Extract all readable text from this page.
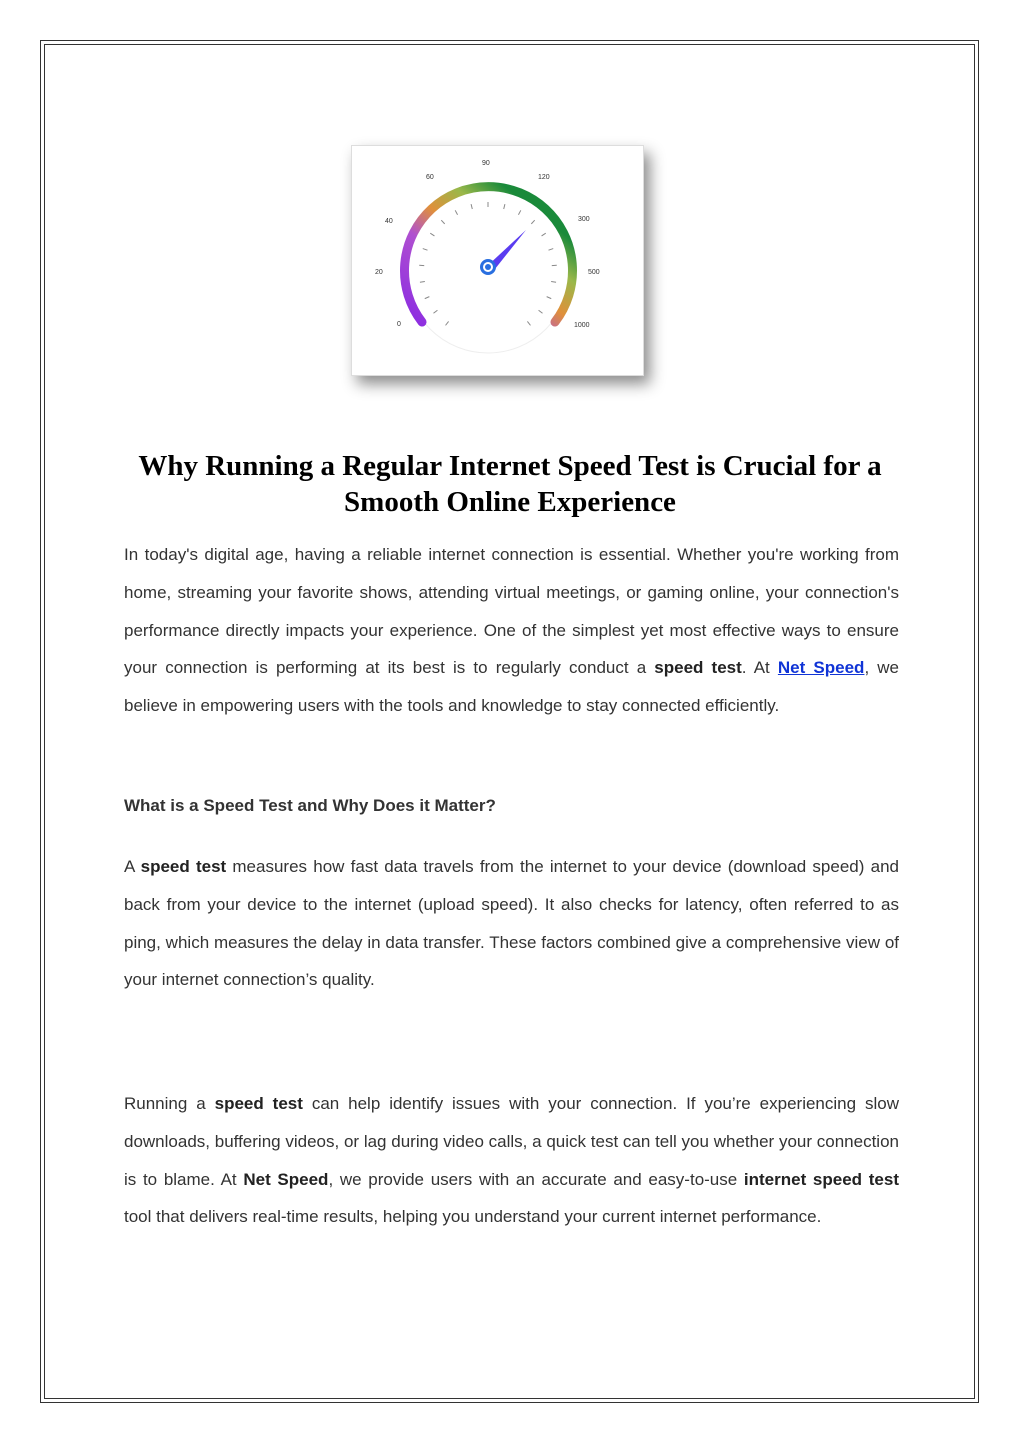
0
20
40
60
90
120
300
500
1000
Why Running a Regular Internet Speed Test is Crucial for a Smooth Online Experience

In today's digital age, having a reliable internet connection is essential. Whether you're working from home, streaming your favorite shows, attending virtual meetings, or gaming online, your connection's performance directly impacts your experience. One of the simplest yet most effective ways to ensure your connection is performing at its best is to regularly conduct a speed test. At Net Speed, we believe in empowering users with the tools and knowledge to stay connected efficiently.

What is a Speed Test and Why Does it Matter?

A speed test measures how fast data travels from the internet to your device (download speed) and back from your device to the internet (upload speed). It also checks for latency, often referred to as ping, which measures the delay in data transfer. These factors combined give a comprehensive view of your internet connection’s quality.

Running a speed test can help identify issues with your connection. If you’re experiencing slow downloads, buffering videos, or lag during video calls, a quick test can tell you whether your connection is to blame. At Net Speed, we provide users with an accurate and easy-to-use internet speed test tool that delivers real-time results, helping you understand your current internet performance.
